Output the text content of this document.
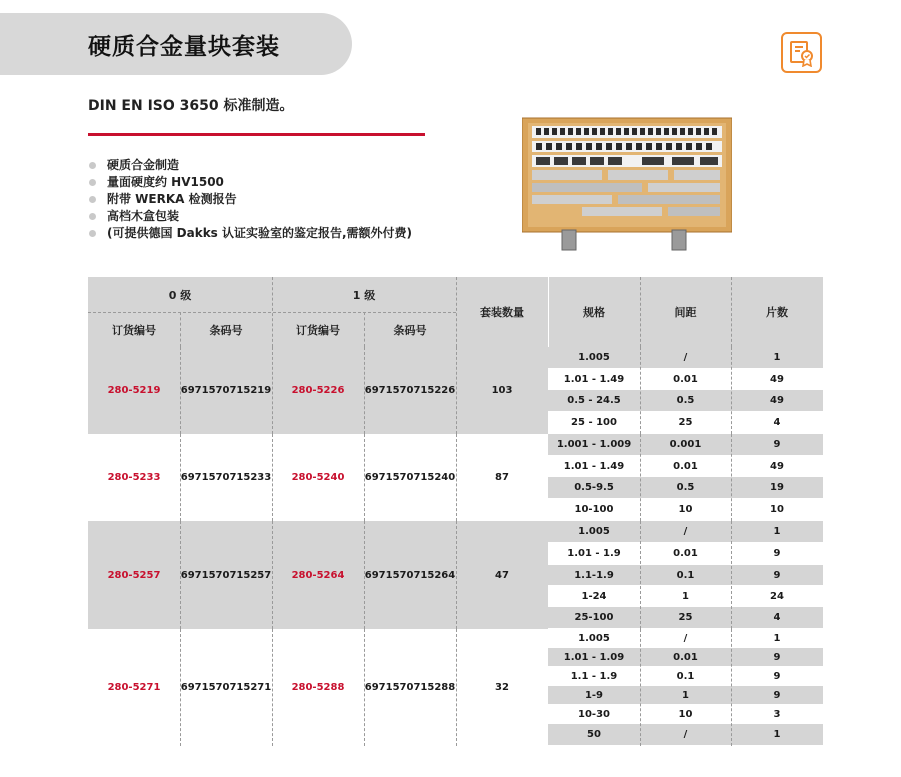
硬质合金量块套装
DIN EN ISO 3650 标准制造。
硬质合金制造
量面硬度约 HV1500
附带 WERKA 检测报告
高档木盒包装
(可提供德国 Dakks 认证实验室的鉴定报告,需额外付费)
0 级	1 级
订货编号	条码号	订货编号	条码号
套装数量	规格	间距	片数
280-5219	6971570715219	280-5226	6971570715226	103
1.005	/	1
1.01 - 1.49	0.01	49
0.5 - 24.5	0.5	49
25 - 100	25	4
280-5233	6971570715233	280-5240	6971570715240	87
1.001 - 1.009	0.001	9
1.01 - 1.49	0.01	49
0.5-9.5	0.5	19
10-100	10	10
280-5257	6971570715257	280-5264	6971570715264	47
1.005	/	1
1.01 - 1.9	0.01	9
1.1-1.9	0.1	9
1-24	1	24
25-100	25	4
280-5271	6971570715271	280-5288	6971570715288	32
1.005	/	1
1.01 - 1.09	0.01	9
1.1 - 1.9	0.1	9
1-9	1	9
10-30	10	3
50	/	1
